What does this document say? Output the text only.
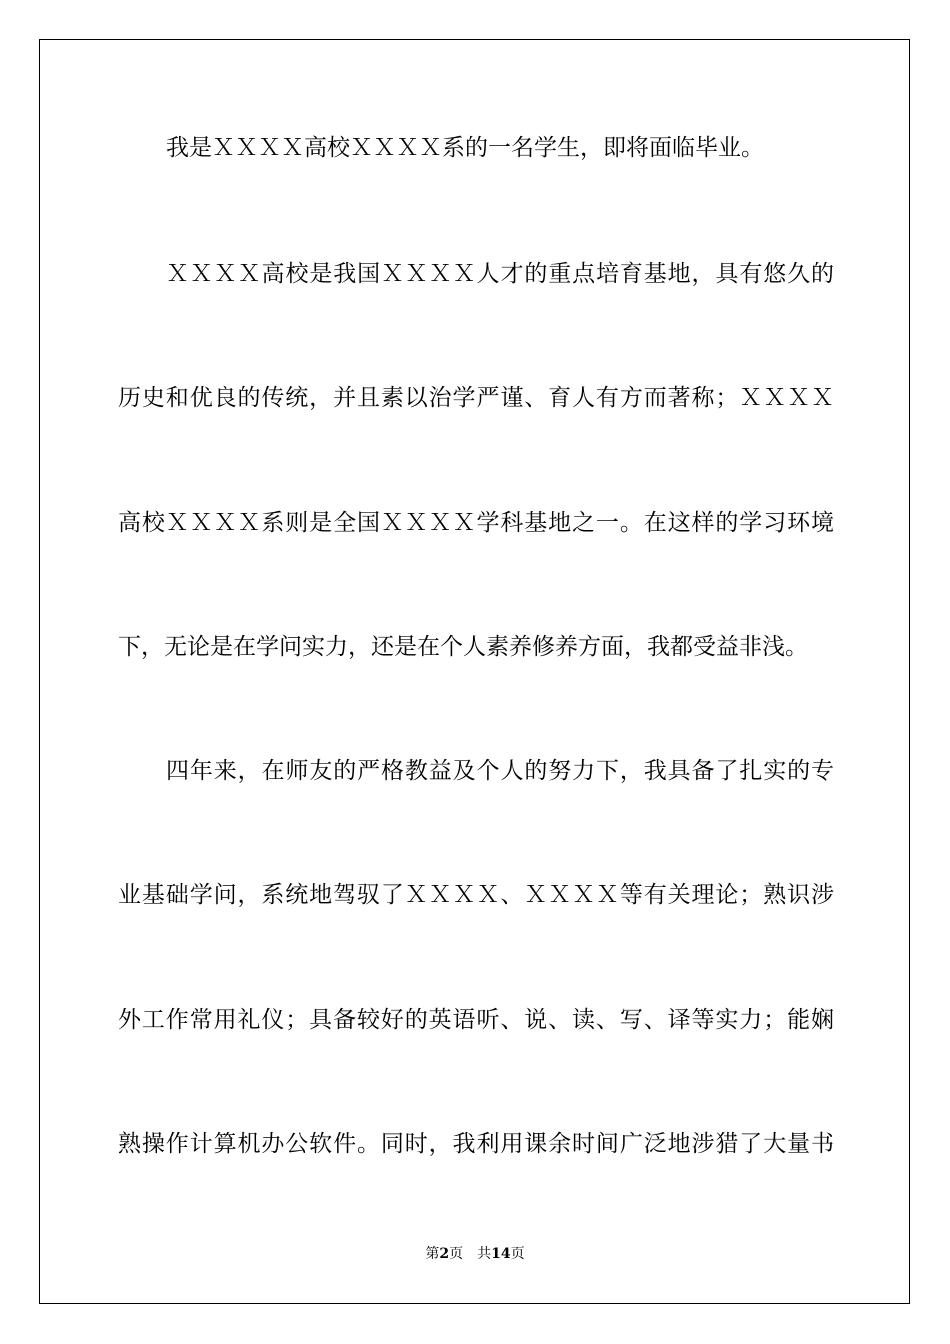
我是ＸＸＸＸ高校ＸＸＸＸ系的一名学生，即将面临毕业。
ＸＸＸＸ高校是我国ＸＸＸＸ人才的重点培育基地，具有悠久的
历史和优良的传统，并且素以治学严谨、育人有方而著称；ＸＸＸＸ
高校ＸＸＸＸ系则是全国ＸＸＸＸ学科基地之一。在这样的学习环境
下，无论是在学问实力，还是在个人素养修养方面，我都受益非浅。
四年来，在师友的严格教益及个人的努力下，我具备了扎实的专
业基础学问，系统地驾驭了ＸＸＸＸ、ＸＸＸＸ等有关理论；熟识涉
外工作常用礼仪；具备较好的英语听、说、读、写、译等实力；能娴
熟操作计算机办公软件。同时，我利用课余时间广泛地涉猎了大量书
第2页 共14页
